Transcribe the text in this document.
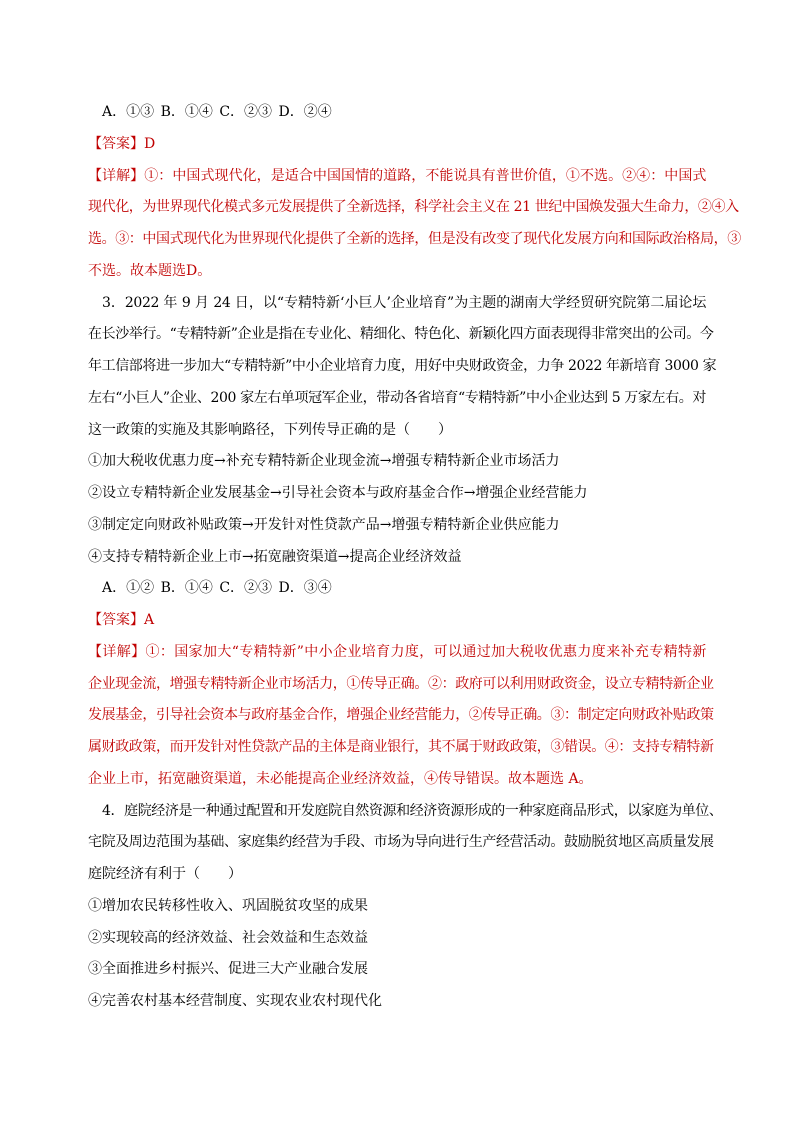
A．①③ B．①④ C．②③ D．②④
【答案】D
【详解】①：中国式现代化，是适合中国国情的道路，不能说具有普世价值，①不选。②④：中国式
现代化，为世界现代化模式多元发展提供了全新选择，科学社会主义在 21 世纪中国焕发强大生命力，②④入
选。③：中国式现代化为世界现代化提供了全新的选择，但是没有改变了现代化发展方向和国际政治格局，③
不选。故本题选D。
3．2022 年 9 月 24 日，以“专精特新‘小巨人’企业培育”为主题的湖南大学经贸研究院第二届论坛
在长沙举行。“专精特新”企业是指在专业化、精细化、特色化、新颖化四方面表现得非常突出的公司。今
年工信部将进一步加大“专精特新”中小企业培育力度，用好中央财政资金，力争 2022 年新培育 3000 家
左右“小巨人”企业、200 家左右单项冠军企业，带动各省培育“专精特新”中小企业达到 5 万家左右。对
这一政策的实施及其影响路径，下列传导正确的是（　　）
①加大税收优惠力度→补充专精特新企业现金流→增强专精特新企业市场活力
②设立专精特新企业发展基金→引导社会资本与政府基金合作→增强企业经营能力
③制定定向财政补贴政策→开发针对性贷款产品→增强专精特新企业供应能力
④支持专精特新企业上市→拓宽融资渠道→提高企业经济效益
A．①② B．①④ C．②③ D．③④
【答案】A
【详解】①：国家加大“专精特新”中小企业培育力度，可以通过加大税收优惠力度来补充专精特新
企业现金流，增强专精特新企业市场活力，①传导正确。②：政府可以利用财政资金，设立专精特新企业
发展基金，引导社会资本与政府基金合作，增强企业经营能力，②传导正确。③：制定定向财政补贴政策
属财政政策，而开发针对性贷款产品的主体是商业银行，其不属于财政政策，③错误。④：支持专精特新
企业上市，拓宽融资渠道，未必能提高企业经济效益，④传导错误。故本题选 A。
4．庭院经济是一种通过配置和开发庭院自然资源和经济资源形成的一种家庭商品形式，以家庭为单位、
宅院及周边范围为基础、家庭集约经营为手段、市场为导向进行生产经营活动。鼓励脱贫地区高质量发展
庭院经济有利于（　　）
①增加农民转移性收入、巩固脱贫攻坚的成果
②实现较高的经济效益、社会效益和生态效益
③全面推进乡村振兴、促进三大产业融合发展
④完善农村基本经营制度、实现农业农村现代化
